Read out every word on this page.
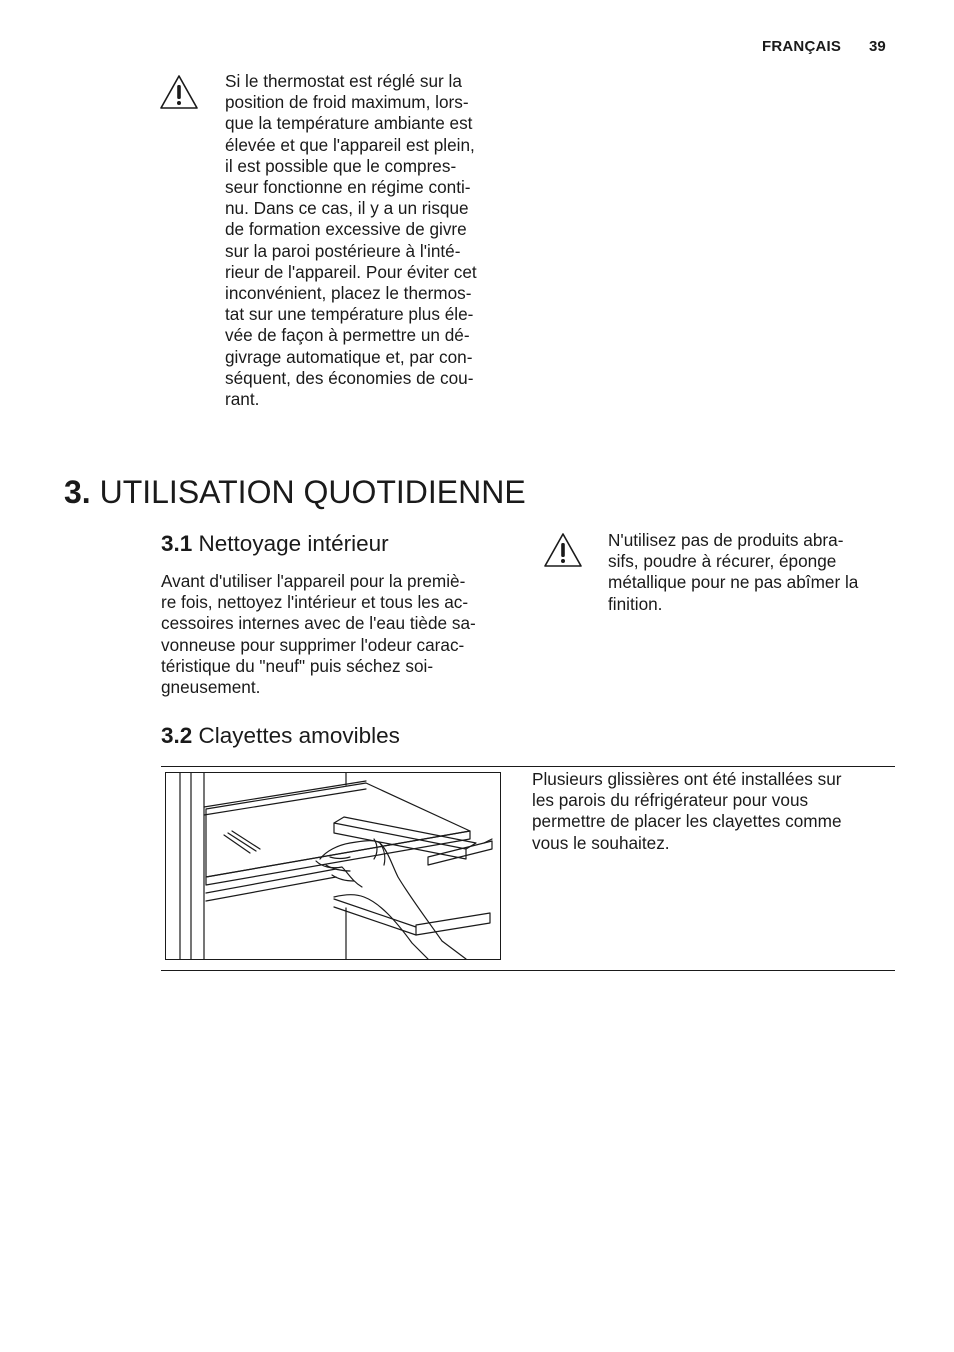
FRANÇAIS 39
Si le thermostat est réglé sur la
position de froid maximum, lors-
que la température ambiante est
élevée et que l'appareil est plein,
il est possible que le compres-
seur fonctionne en régime conti-
nu. Dans ce cas, il y a un risque
de formation excessive de givre
sur la paroi postérieure à l'inté-
rieur de l'appareil. Pour éviter cet
inconvénient, placez le thermos-
tat sur une température plus éle-
vée de façon à permettre un dé-
givrage automatique et, par con-
séquent, des économies de cou-
rant.
3. UTILISATION QUOTIDIENNE
3.1 Nettoyage intérieur
Avant d'utiliser l'appareil pour la premiè-
re fois, nettoyez l'intérieur et tous les ac-
cessoires internes avec de l'eau tiède sa-
vonneuse pour supprimer l'odeur carac-
téristique du "neuf" puis séchez soi-
gneusement.
N'utilisez pas de produits abra-
sifs, poudre à récurer, éponge
métallique pour ne pas abîmer la
finition.
3.2 Clayettes amovibles
Plusieurs glissières ont été installées sur
les parois du réfrigérateur pour vous
permettre de placer les clayettes comme
vous le souhaitez.
